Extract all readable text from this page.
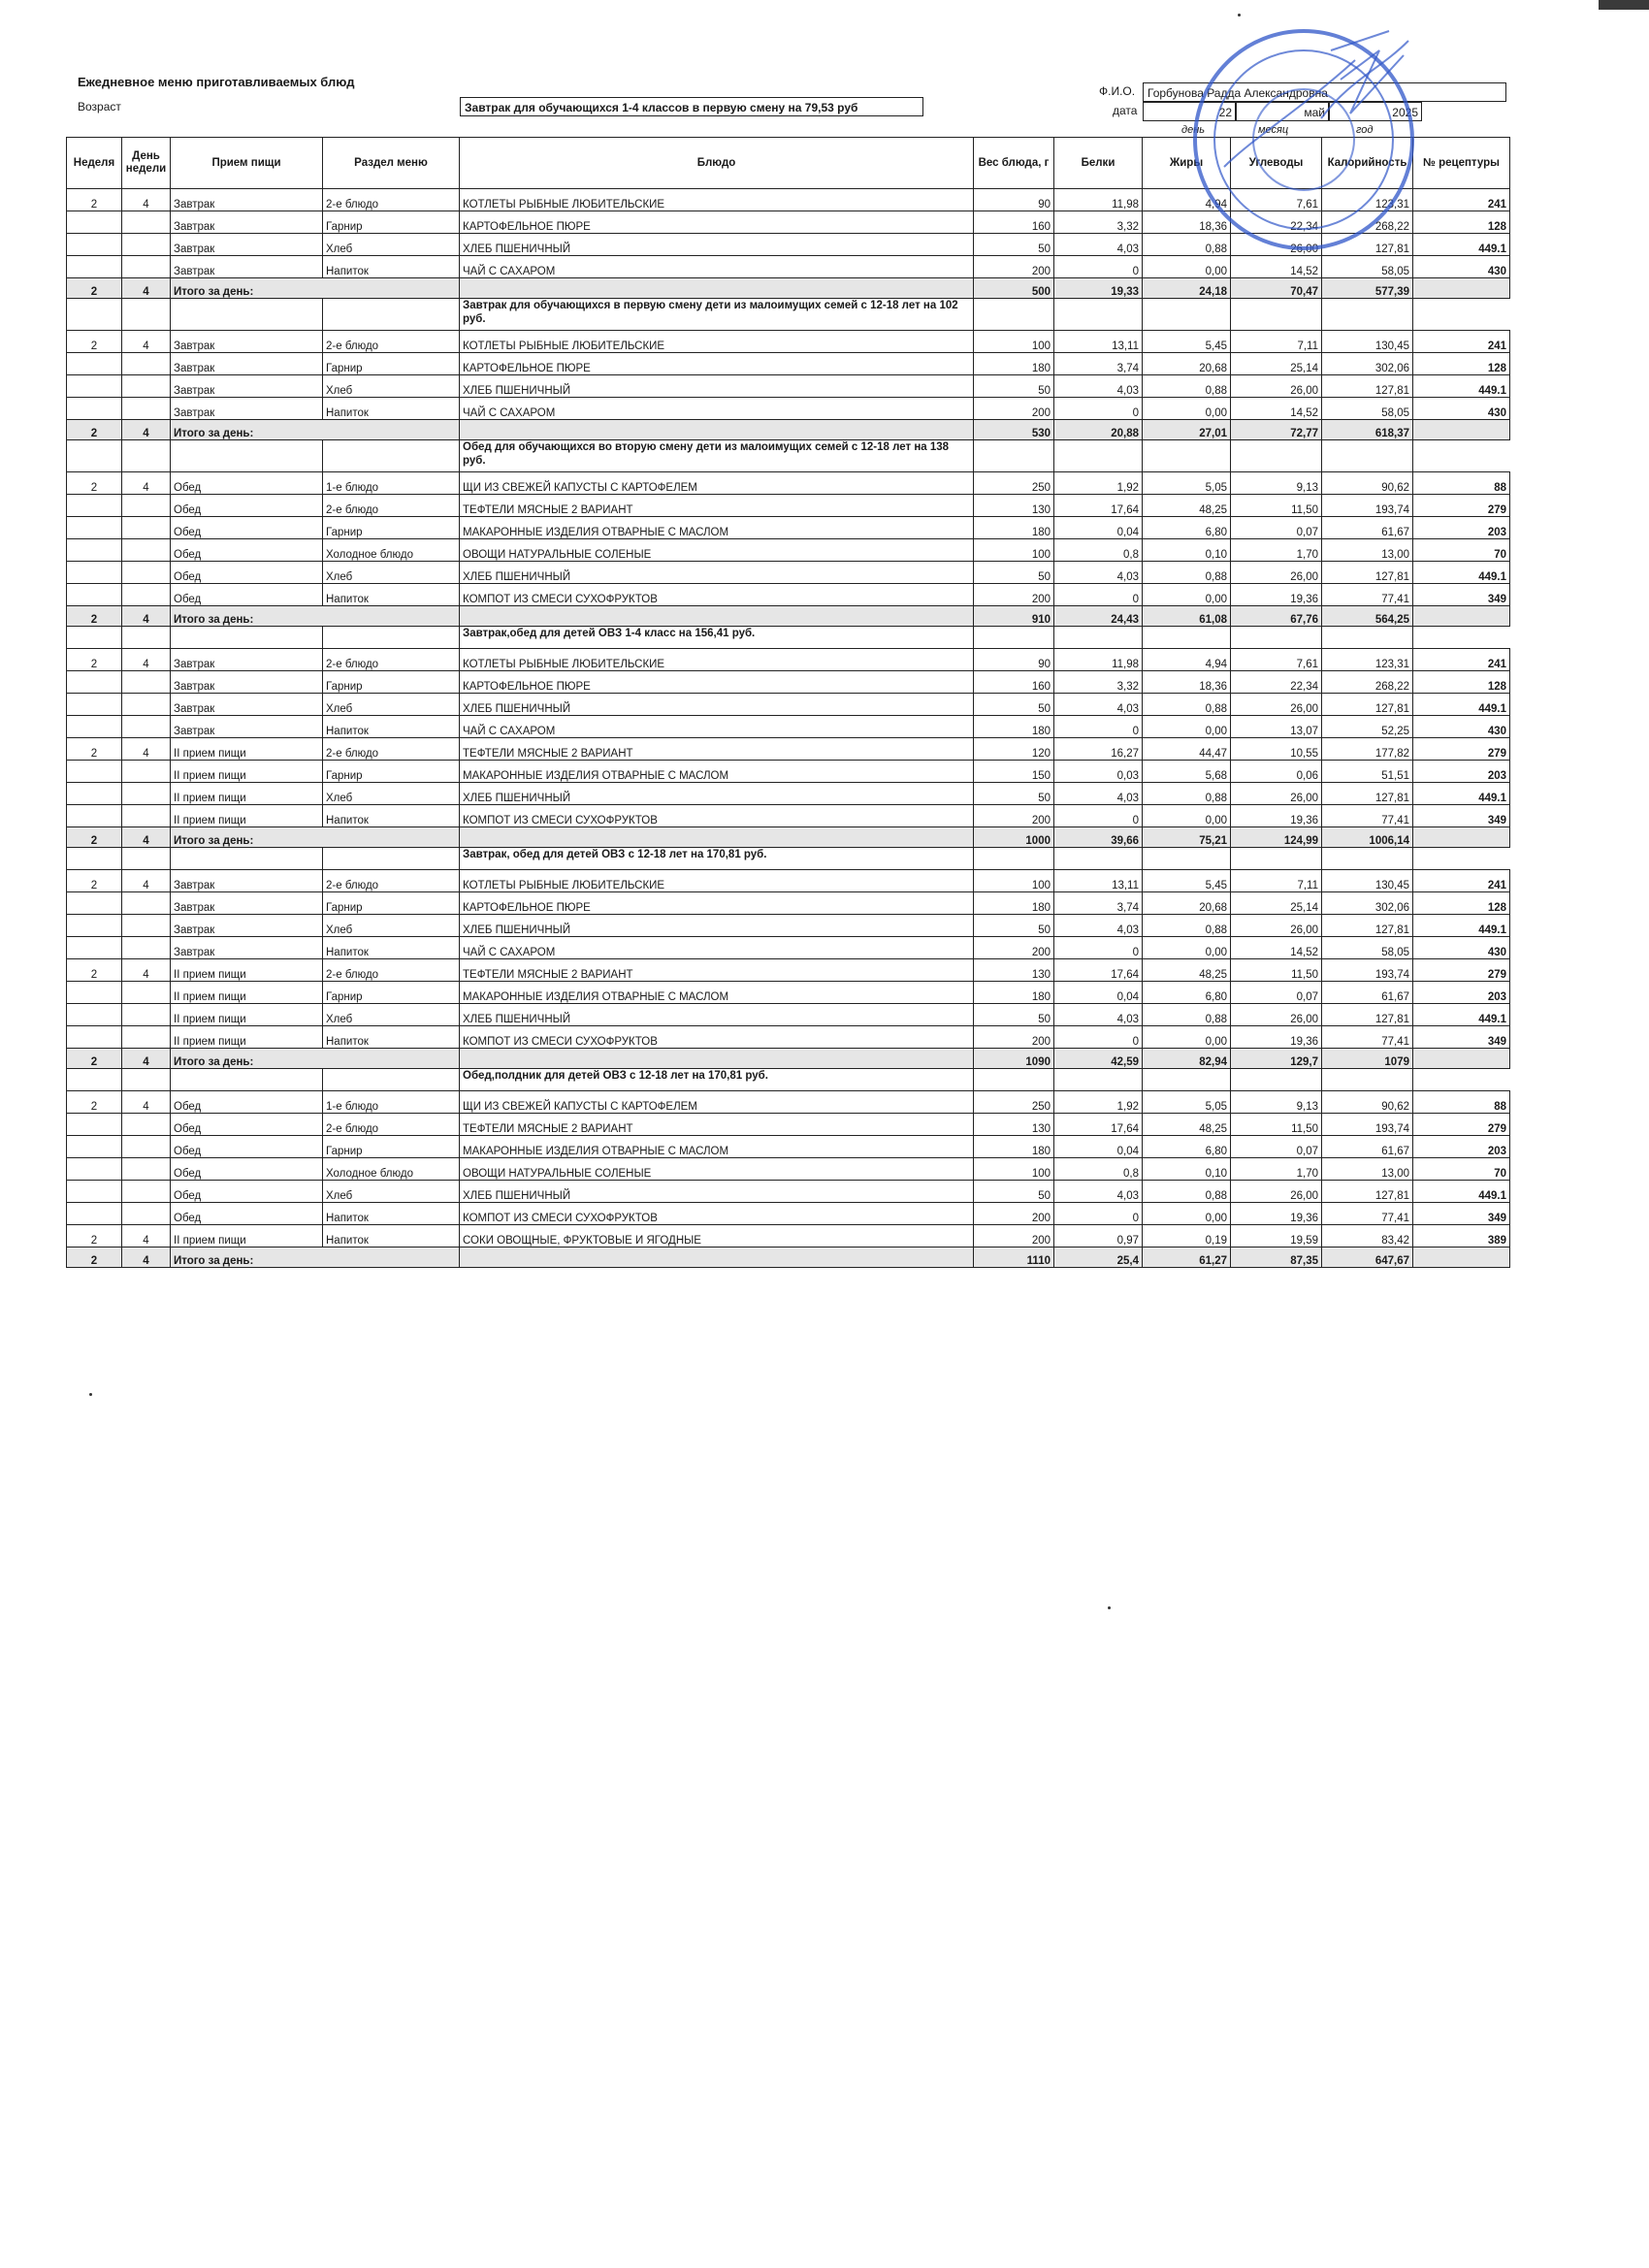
Ежедневное меню приготавливаемых блюд
Возраст	Завтрак для обучающихся 1-4 классов в первую смену на 79,53 руб
Ф.И.О.	Горбунова Радда Александровна
дата	22	май	2025
день	месяц	год
Неделя	День недели	Прием пищи	Раздел меню	Блюдо	Вес блюда, г	Белки	Жиры	Углеводы	Калорийность	№ рецептуры
2	4	Завтрак	2-е блюдо	КОТЛЕТЫ РЫБНЫЕ ЛЮБИТЕЛЬСКИЕ	90	11,98	4,94	7,61	123,31	241
		Завтрак	Гарнир	КАРТОФЕЛЬНОЕ ПЮРЕ	160	3,32	18,36	22,34	268,22	128
		Завтрак	Хлеб	ХЛЕБ ПШЕНИЧНЫЙ	50	4,03	0,88	26,00	127,81	449.1
		Завтрак	Напиток	ЧАЙ С САХАРОМ	200	0	0,00	14,52	58,05	430
2	4	Итого за день:			500	19,33	24,18	70,47	577,39	
				Завтрак для обучающихся в первую смену дети из малоимущих семей с 12-18 лет на 102 руб.						
2	4	Завтрак	2-е блюдо	КОТЛЕТЫ РЫБНЫЕ ЛЮБИТЕЛЬСКИЕ	100	13,11	5,45	7,11	130,45	241
		Завтрак	Гарнир	КАРТОФЕЛЬНОЕ ПЮРЕ	180	3,74	20,68	25,14	302,06	128
		Завтрак	Хлеб	ХЛЕБ ПШЕНИЧНЫЙ	50	4,03	0,88	26,00	127,81	449.1
		Завтрак	Напиток	ЧАЙ С САХАРОМ	200	0	0,00	14,52	58,05	430
2	4	Итого за день:			530	20,88	27,01	72,77	618,37	
				Обед для обучающихся во вторую смену дети из малоимущих семей с 12-18 лет на 138 руб.						
2	4	Обед	1-е блюдо	ЩИ ИЗ СВЕЖЕЙ КАПУСТЫ С КАРТОФЕЛЕМ	250	1,92	5,05	9,13	90,62	88
		Обед	2-е блюдо	ТЕФТЕЛИ МЯСНЫЕ 2 ВАРИАНТ	130	17,64	48,25	11,50	193,74	279
		Обед	Гарнир	МАКАРОННЫЕ ИЗДЕЛИЯ ОТВАРНЫЕ С МАСЛОМ	180	0,04	6,80	0,07	61,67	203
		Обед	Холодное блюдо	ОВОЩИ НАТУРАЛЬНЫЕ СОЛЕНЫЕ	100	0,8	0,10	1,70	13,00	70
		Обед	Хлеб	ХЛЕБ ПШЕНИЧНЫЙ	50	4,03	0,88	26,00	127,81	449.1
		Обед	Напиток	КОМПОТ ИЗ СМЕСИ СУХОФРУКТОВ	200	0	0,00	19,36	77,41	349
2	4	Итого за день:			910	24,43	61,08	67,76	564,25	
				Завтрак,обед для детей ОВЗ 1-4 класс на 156,41 руб.						
2	4	Завтрак	2-е блюдо	КОТЛЕТЫ РЫБНЫЕ ЛЮБИТЕЛЬСКИЕ	90	11,98	4,94	7,61	123,31	241
		Завтрак	Гарнир	КАРТОФЕЛЬНОЕ ПЮРЕ	160	3,32	18,36	22,34	268,22	128
		Завтрак	Хлеб	ХЛЕБ ПШЕНИЧНЫЙ	50	4,03	0,88	26,00	127,81	449.1
		Завтрак	Напиток	ЧАЙ С САХАРОМ	180	0	0,00	13,07	52,25	430
2	4	II прием пищи	2-е блюдо	ТЕФТЕЛИ МЯСНЫЕ 2 ВАРИАНТ	120	16,27	44,47	10,55	177,82	279
		II прием пищи	Гарнир	МАКАРОННЫЕ ИЗДЕЛИЯ ОТВАРНЫЕ С МАСЛОМ	150	0,03	5,68	0,06	51,51	203
		II прием пищи	Хлеб	ХЛЕБ ПШЕНИЧНЫЙ	50	4,03	0,88	26,00	127,81	449.1
		II прием пищи	Напиток	КОМПОТ ИЗ СМЕСИ СУХОФРУКТОВ	200	0	0,00	19,36	77,41	349
2	4	Итого за день:			1000	39,66	75,21	124,99	1006,14	
				Завтрак, обед для детей ОВЗ с 12-18 лет на 170,81 руб.						
2	4	Завтрак	2-е блюдо	КОТЛЕТЫ РЫБНЫЕ ЛЮБИТЕЛЬСКИЕ	100	13,11	5,45	7,11	130,45	241
		Завтрак	Гарнир	КАРТОФЕЛЬНОЕ ПЮРЕ	180	3,74	20,68	25,14	302,06	128
		Завтрак	Хлеб	ХЛЕБ ПШЕНИЧНЫЙ	50	4,03	0,88	26,00	127,81	449.1
		Завтрак	Напиток	ЧАЙ С САХАРОМ	200	0	0,00	14,52	58,05	430
2	4	II прием пищи	2-е блюдо	ТЕФТЕЛИ МЯСНЫЕ 2 ВАРИАНТ	130	17,64	48,25	11,50	193,74	279
		II прием пищи	Гарнир	МАКАРОННЫЕ ИЗДЕЛИЯ ОТВАРНЫЕ С МАСЛОМ	180	0,04	6,80	0,07	61,67	203
		II прием пищи	Хлеб	ХЛЕБ ПШЕНИЧНЫЙ	50	4,03	0,88	26,00	127,81	449.1
		II прием пищи	Напиток	КОМПОТ ИЗ СМЕСИ СУХОФРУКТОВ	200	0	0,00	19,36	77,41	349
2	4	Итого за день:			1090	42,59	82,94	129,7	1079	
				Обед,полдник для детей ОВЗ с 12-18 лет на 170,81 руб.						
2	4	Обед	1-е блюдо	ЩИ ИЗ СВЕЖЕЙ КАПУСТЫ С КАРТОФЕЛЕМ	250	1,92	5,05	9,13	90,62	88
		Обед	2-е блюдо	ТЕФТЕЛИ МЯСНЫЕ 2 ВАРИАНТ	130	17,64	48,25	11,50	193,74	279
		Обед	Гарнир	МАКАРОННЫЕ ИЗДЕЛИЯ ОТВАРНЫЕ С МАСЛОМ	180	0,04	6,80	0,07	61,67	203
		Обед	Холодное блюдо	ОВОЩИ НАТУРАЛЬНЫЕ СОЛЕНЫЕ	100	0,8	0,10	1,70	13,00	70
		Обед	Хлеб	ХЛЕБ ПШЕНИЧНЫЙ	50	4,03	0,88	26,00	127,81	449.1
		Обед	Напиток	КОМПОТ ИЗ СМЕСИ СУХОФРУКТОВ	200	0	0,00	19,36	77,41	349
2	4	II прием пищи	Напиток	СОКИ ОВОЩНЫЕ, ФРУКТОВЫЕ И ЯГОДНЫЕ	200	0,97	0,19	19,59	83,42	389
2	4	Итого за день:			1110	25,4	61,27	87,35	647,67	
